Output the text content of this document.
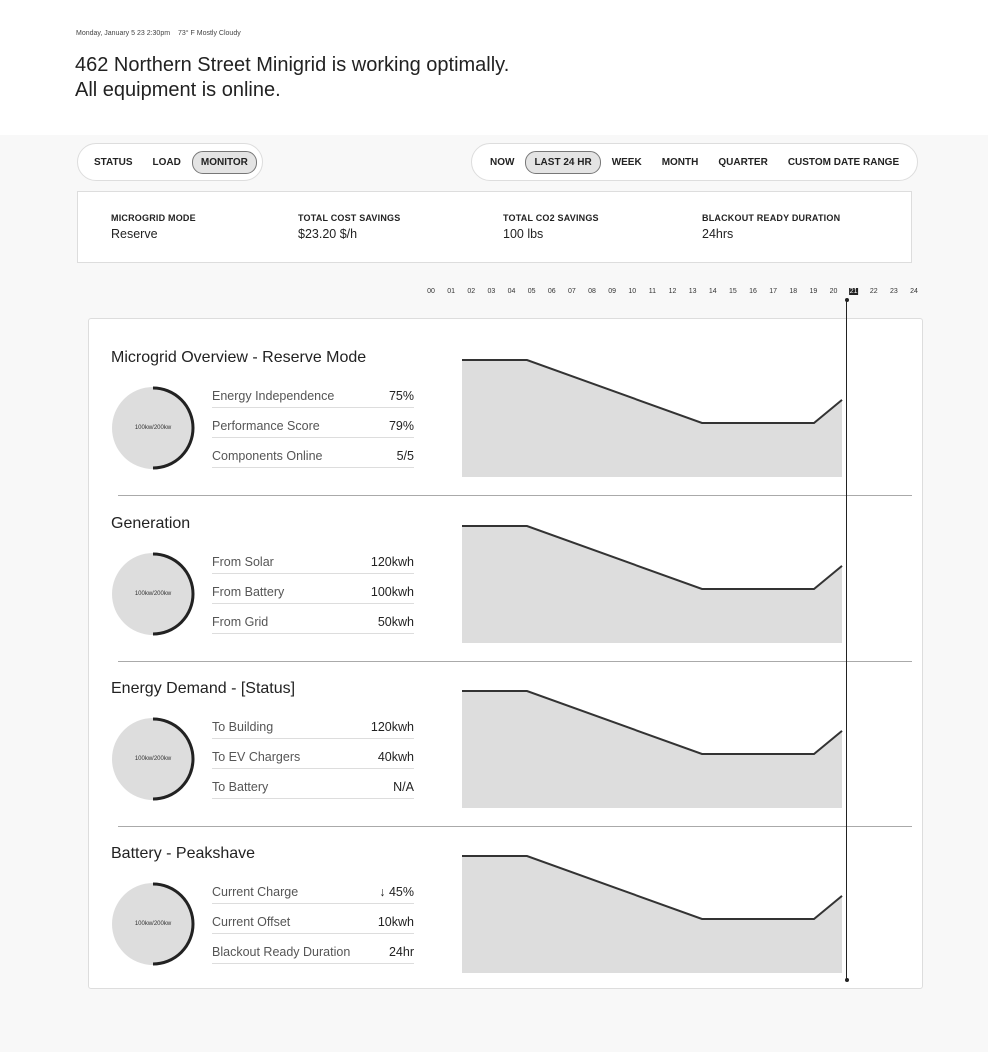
Monday, January 5 23 2:30pm 73° F Mostly Cloudy
462 Northern Street Minigrid is working optimally.
All equipment is online.
STATUS	LOAD	MONITOR	NOW	LAST 24 HR	WEEK	MONTH	QUARTER	CUSTOM DATE RANGE
MICROGRID MODE
Reserve
TOTAL COST SAVINGS
$23.20 $/h
TOTAL CO2 SAVINGS
100 lbs
BLACKOUT READY DURATION
24hrs
00 01 02 03 04 05 06 07 08 09 10 11 12 13 14 15 16 17 18 19 20 21 22 23 24
Microgrid Overview - Reserve Mode
100kw/200kw
Energy Independence	75%
Performance Score	79%
Components Online	5/5
Generation
100kw/200kw
From Solar	120kwh
From Battery	100kwh
From Grid	50kwh
Energy Demand - [Status]
100kw/200kw
To Building	120kwh
To EV Chargers	40kwh
To Battery	N/A
Battery - Peakshave
100kw/200kw
Current Charge	↓ 45%
Current Offset	10kwh
Blackout Ready Duration	24hr
